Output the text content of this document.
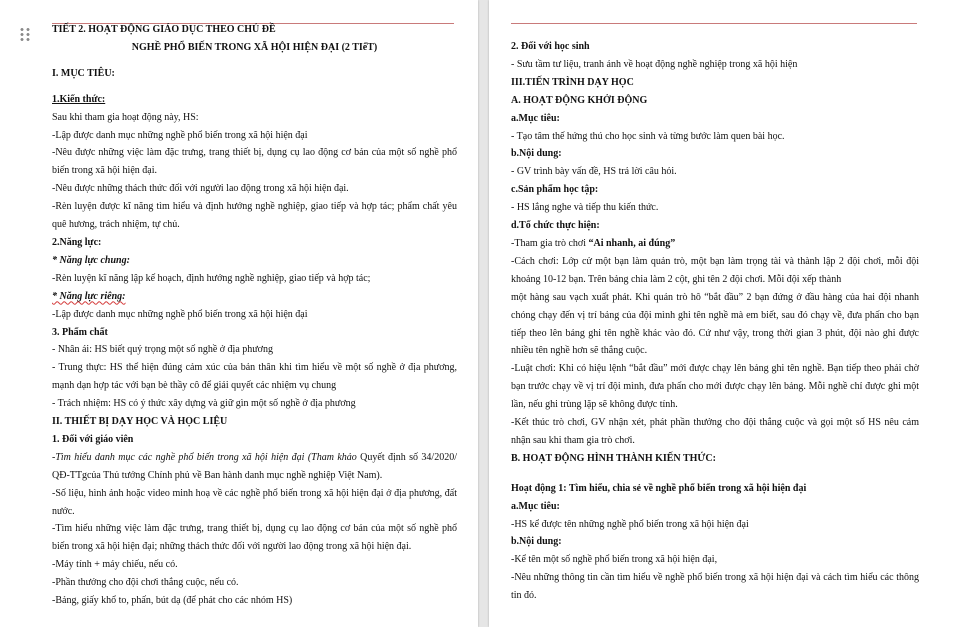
TIẾT 2. HOẠT ĐỘNG GIÁO DỤC THEO CHỦ ĐỀ

NGHỀ PHỔ BIẾN TRONG XÃ HỘI HIỆN ĐẠI (2 TIếT)

I. MỤC TIÊU:

1.Kiến thức:

Sau khi tham gia hoạt động này, HS:

-Lập được danh mục những nghề phổ biến trong xã hội hiện đại

-Nêu được những việc làm đặc trưng, trang thiết bị, dụng cụ lao động cơ bản của một số nghề phổ biến trong xã hội hiện đại.

-Nêu được những thách thức đối với người lao động trong xã hội hiện đại.

-Rèn luyện được kĩ năng tìm hiểu và định hướng nghề nghiệp, giao tiếp và hợp tác; phẩm chất yêu quê hương, trách nhiệm, tự chủ.

2.Năng lực:

* Năng lực chung:

-Rèn luyện kĩ năng lập kế hoạch, định hướng nghề nghiệp, giao tiếp và hợp tác;

* Năng lực riêng:

-Lập được danh mục những nghề phổ biến trong xã hội hiện đại

3. Phẩm chất

- Nhân ái: HS biết quý trọng một số nghề ở địa phương

- Trung thực: HS thể hiện đúng cảm xúc của bản thân khi tìm hiểu về một số nghề ở địa phương, mạnh dạn hợp tác với bạn bè thầy cô để giải quyết các nhiệm vụ chung

- Trách nhiệm: HS có ý thức xây dựng và giữ gìn một số nghề ở địa phương

II. THIẾT BỊ DẠY HỌC VÀ HỌC LIỆU

1. Đối với giáo viên

-Tìm hiểu danh mục các nghề phổ biến trong xã hội hiện đại (Tham khảo Quyết định số 34/2020/ QĐ-TTgcủa Thủ tướng Chính phủ về Ban hành danh mục nghề nghiệp Việt Nam).

-Số liệu, hình ảnh hoặc video minh hoạ về các nghề phổ biến trong xã hội hiện đại ở địa phương, đất nước.

-Tìm hiểu những việc làm đặc trưng, trang thiết bị, dụng cụ lao động cơ bản của một số nghề phổ biến trong xã hội hiện đại; những thách thức đối với người lao động trong xã hội hiện đại.

-Máy tính + máy chiếu, nếu có.

-Phần thưởng cho đội chơi thắng cuộc, nếu có.

-Bảng, giấy khổ to, phấn, bút dạ (để phát cho các nhóm HS)

2. Đối với học sinh

- Sưu tầm tư liệu, tranh ảnh về hoạt động nghề nghiệp trong xã hội hiện

III.TIẾN TRÌNH DẠY HỌC

A. HOẠT ĐỘNG KHỞI ĐỘNG

a.Mục tiêu:

- Tạo tâm thế hứng thú cho học sinh và từng bước làm quen bài học.

b.Nội dung:

- GV trình bày vấn đề, HS trả lời câu hỏi.

c.Sản phẩm học tập:

- HS lắng nghe và tiếp thu kiến thức.

d.Tổ chức thực hiện:

-Tham gia trò chơi “Ai nhanh, ai đúng”

-Cách chơi: Lớp cử một bạn làm quản trò, một bạn làm trọng tài và thành lập 2 đội chơi, mỗi đội khoảng 10-12 bạn. Trên bảng chia làm 2 cột, ghi tên 2 đội chơi. Mỗi đội xếp thành

một hàng sau vạch xuất phát. Khi quản trò hô “bắt đầu” 2 bạn đứng ở đầu hàng của hai đội nhanh chóng chạy đến vị trí bảng của đội mình ghi tên nghề mà em biết, sau đó chạy về, đưa phấn cho bạn tiếp theo lên bảng ghi tên nghề khác vào đó. Cứ như vậy, trong thời gian 3 phút, đội nào ghi được nhiều tên nghề hơn sẽ thắng cuộc.

-Luật chơi: Khi có hiệu lệnh “bắt đầu” mới được chạy lên bảng ghi tên nghề. Bạn tiếp theo phải chờ bạn trước chạy về vị trí đội mình, đưa phấn cho mới được chạy lên bảng. Mỗi nghề chỉ được ghi một lần, nếu ghi trùng lặp sẽ không được tính.

-Kết thúc trò chơi, GV nhận xét, phát phần thưởng cho đội thắng cuộc và gọi một số HS nêu cảm nhận sau khi tham gia trò chơi.

B. HOẠT ĐỘNG HÌNH THÀNH KIẾN THỨC:

Hoạt động 1: Tìm hiểu, chia sẻ về nghề phổ biến trong xã hội hiện đại

a.Mục tiêu:

-HS kể được tên những nghề phổ biến trong xã hội hiện đại

b.Nội dung:

-Kể tên một số nghề phổ biến trong xã hội hiện đại,

-Nêu những thông tin cần tìm hiểu về nghề phổ biến trong xã hội hiện đại và cách tìm hiểu các thông tin đó.
